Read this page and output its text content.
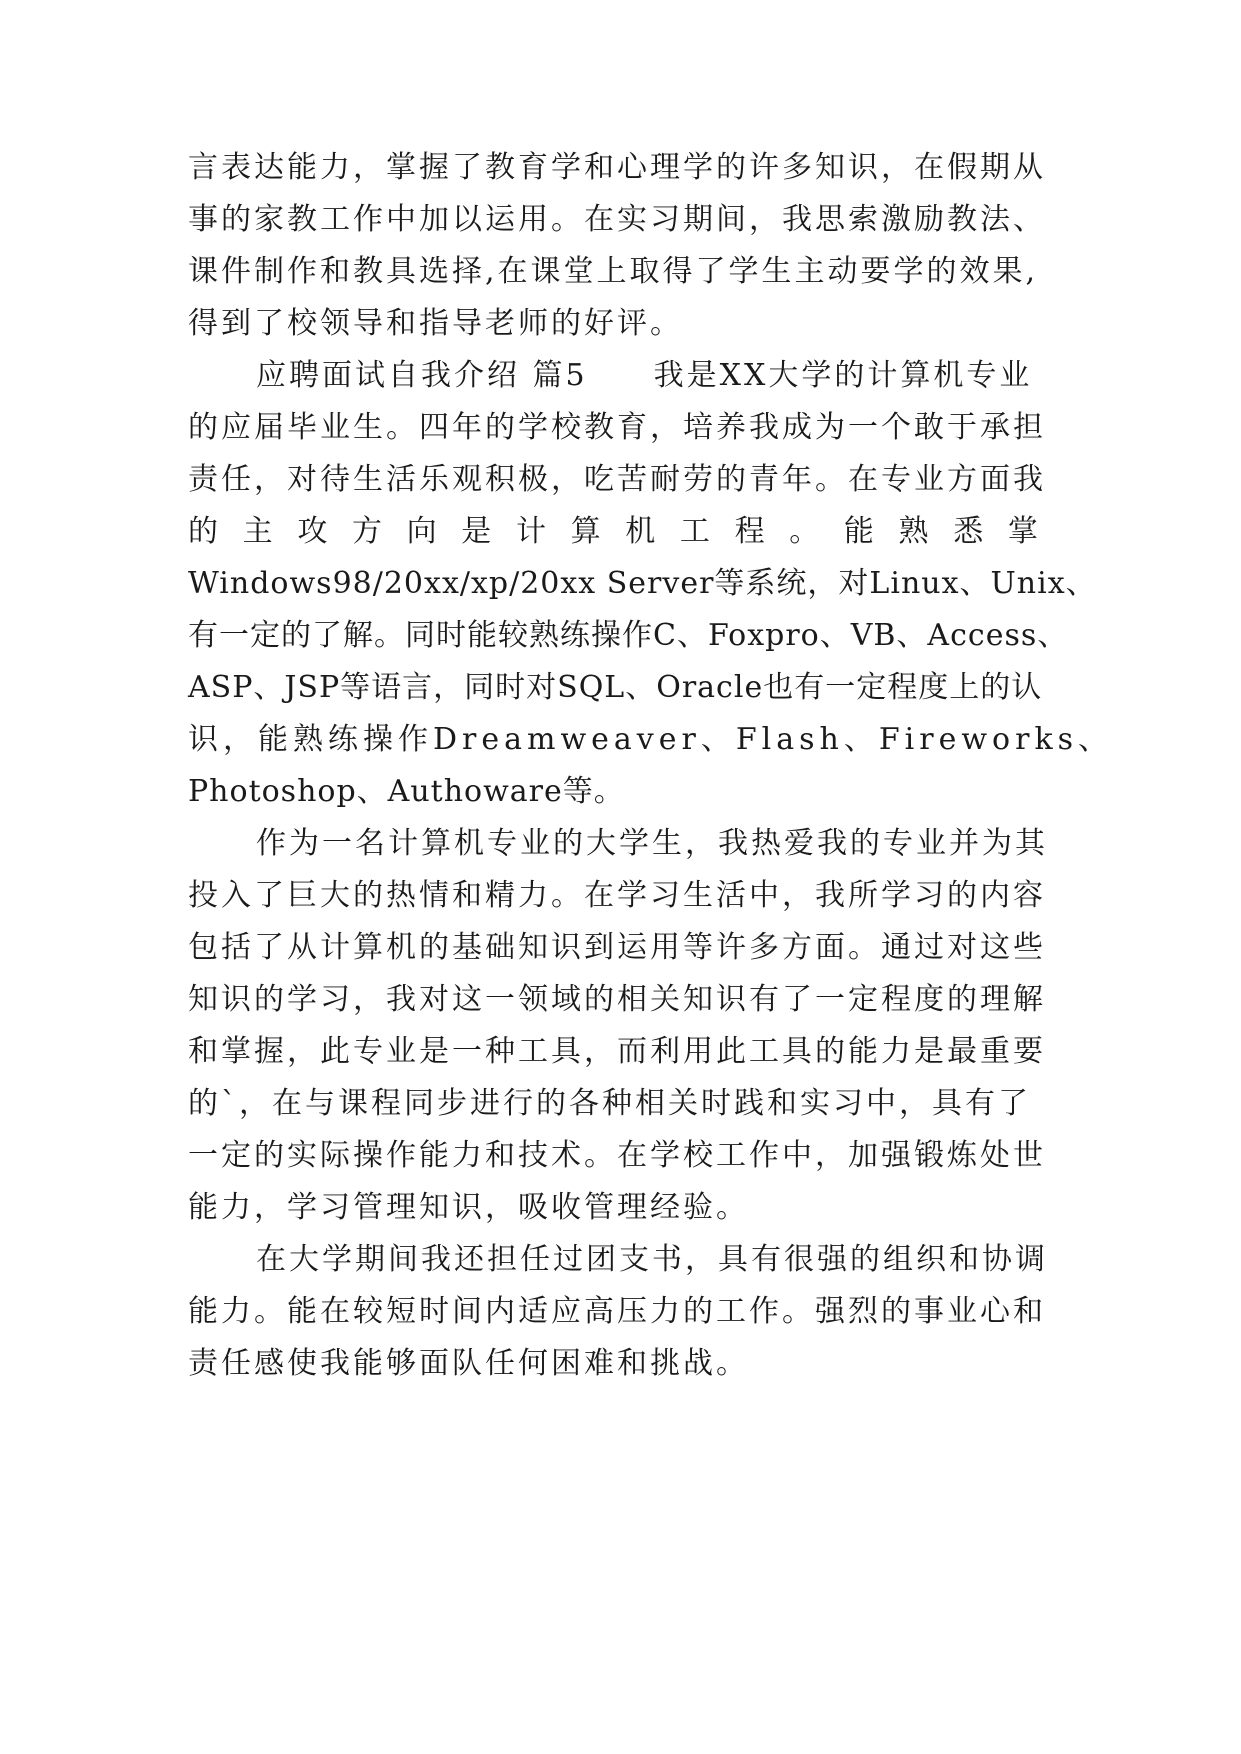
言表达能力，掌握了教育学和心理学的许多知识，在假期从
事的家教工作中加以运用。在实习期间，我思索激励教法、
课件制作和教具选择,在课堂上取得了学生主动要学的效果,
得到了校领导和指导老师的好评。
应聘面试自我介绍 篇5　　我是XX大学的计算机专业
的应届毕业生。四年的学校教育，培养我成为一个敢于承担
责任，对待生活乐观积极，吃苦耐劳的青年。在专业方面我
的 主 攻 方 向 是 计 算 机 工 程 。 能 熟 悉 掌
Windows98/20xx/xp/20xx Server等系统，对Linux、Unix、
有一定的了解。同时能较熟练操作C、Foxpro、VB、Access、
ASP、JSP等语言，同时对SQL、Oracle也有一定程度上的认
识，能熟练操作Dreamweaver、Flash、Fireworks、
Photoshop、Authoware等。
作为一名计算机专业的大学生，我热爱我的专业并为其
投入了巨大的热情和精力。在学习生活中，我所学习的内容
包括了从计算机的基础知识到运用等许多方面。通过对这些
知识的学习，我对这一领域的相关知识有了一定程度的理解
和掌握，此专业是一种工具，而利用此工具的能力是最重要
的`，在与课程同步进行的各种相关时践和实习中，具有了
一定的实际操作能力和技术。在学校工作中，加强锻炼处世
能力，学习管理知识，吸收管理经验。
在大学期间我还担任过团支书，具有很强的组织和协调
能力。能在较短时间内适应高压力的工作。强烈的事业心和
责任感使我能够面队任何困难和挑战。
